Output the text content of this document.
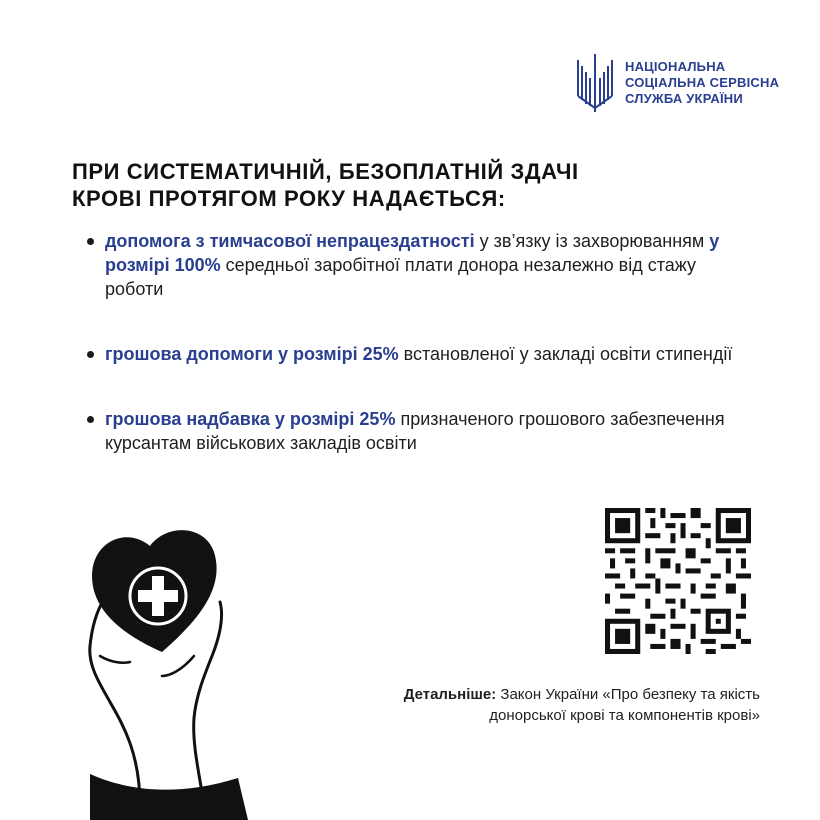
НАЦІОНАЛЬНА
СОЦІАЛЬНА СЕРВІСНА
СЛУЖБА УКРАЇНИ
ПРИ СИСТЕМАТИЧНІЙ, БЕЗОПЛАТНІЙ ЗДАЧІ
КРОВІ ПРОТЯГОМ РОКУ НАДАЄТЬСЯ:
допомога з тимчасової непрацездатності у зв’язку із захворюванням у розмірі 100% середньої заробітної плати донора незалежно від стажу роботи
грошова допомоги у розмірі 25% встановленої у закладі освіти стипендії
грошова надбавка у розмірі 25% призначеного грошового забезпечення курсантам військових закладів освіти
Детальніше: Закон України «Про безпеку та якість
донорської крові та компонентів крові»
